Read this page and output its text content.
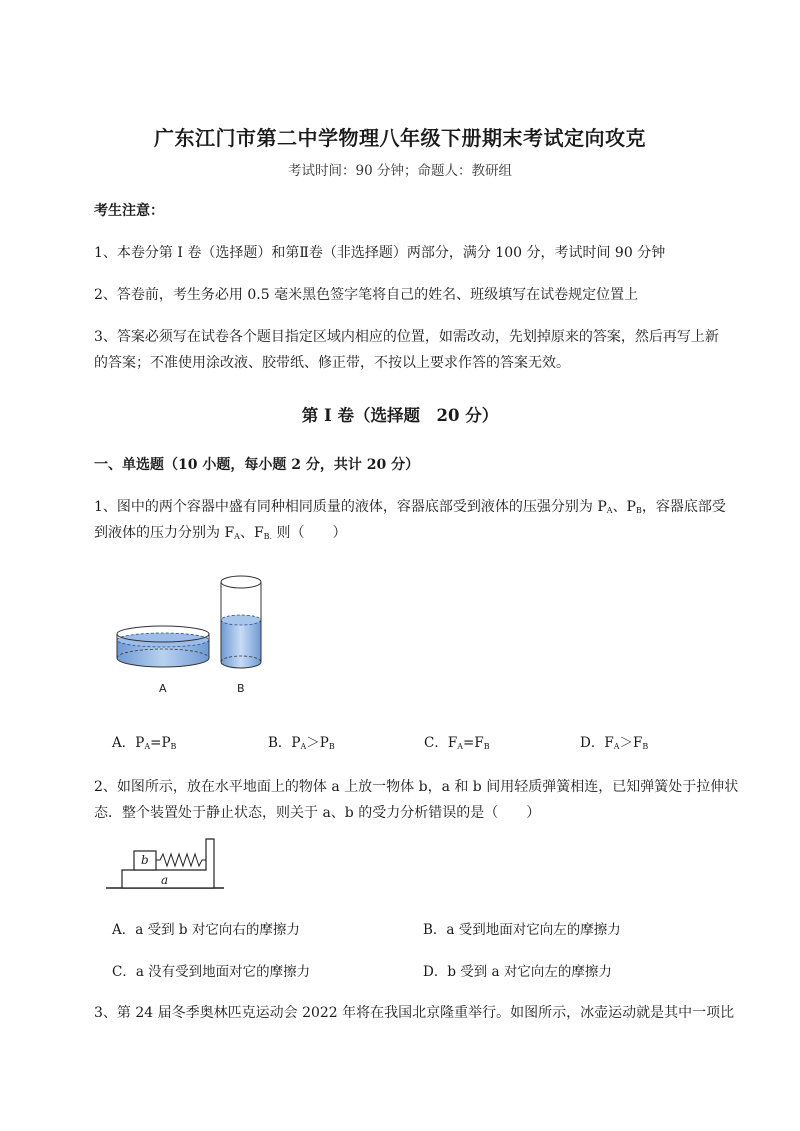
广东江门市第二中学物理八年级下册期末考试定向攻克
考试时间：90 分钟；命题人：教研组
考生注意：
1、本卷分第 I 卷（选择题）和第Ⅱ卷（非选择题）两部分，满分 100 分，考试时间 90 分钟
2、答卷前，考生务必用 0.5 毫米黑色签字笔将自己的姓名、班级填写在试卷规定位置上
3、答案必须写在试卷各个题目指定区域内相应的位置，如需改动，先划掉原来的答案，然后再写上新
的答案；不准使用涂改液、胶带纸、修正带，不按以上要求作答的答案无效。
第 I 卷（选择题　20 分）
一、单选题（10 小题，每小题 2 分，共计 20 分）
1、图中的两个容器中盛有同种相同质量的液体，容器底部受到液体的压强分别为 $P_A$、$P_B$，容器底部受
到液体的压力分别为 $F_A$、$F_{B.}$ 则（　　）
A	B
A．$P_A=P_B$	B．$P_A>P_B$	C．$F_A=F_B$	D．$F_A>F_B$
2、如图所示，放在水平地面上的物体 a 上放一物体 b，a 和 b 间用轻质弹簧相连，已知弹簧处于拉伸状
态．整个装置处于静止状态，则关于 a、b 的受力分析错误的是（　　）
b
a
A．a 受到 b 对它向右的摩擦力	B．a 受到地面对它向左的摩擦力
C．a 没有受到地面对它的摩擦力	D．b 受到 a 对它向左的摩擦力
3、第 24 届冬季奥林匹克运动会 2022 年将在我国北京隆重举行。如图所示，冰壶运动就是其中一项比
